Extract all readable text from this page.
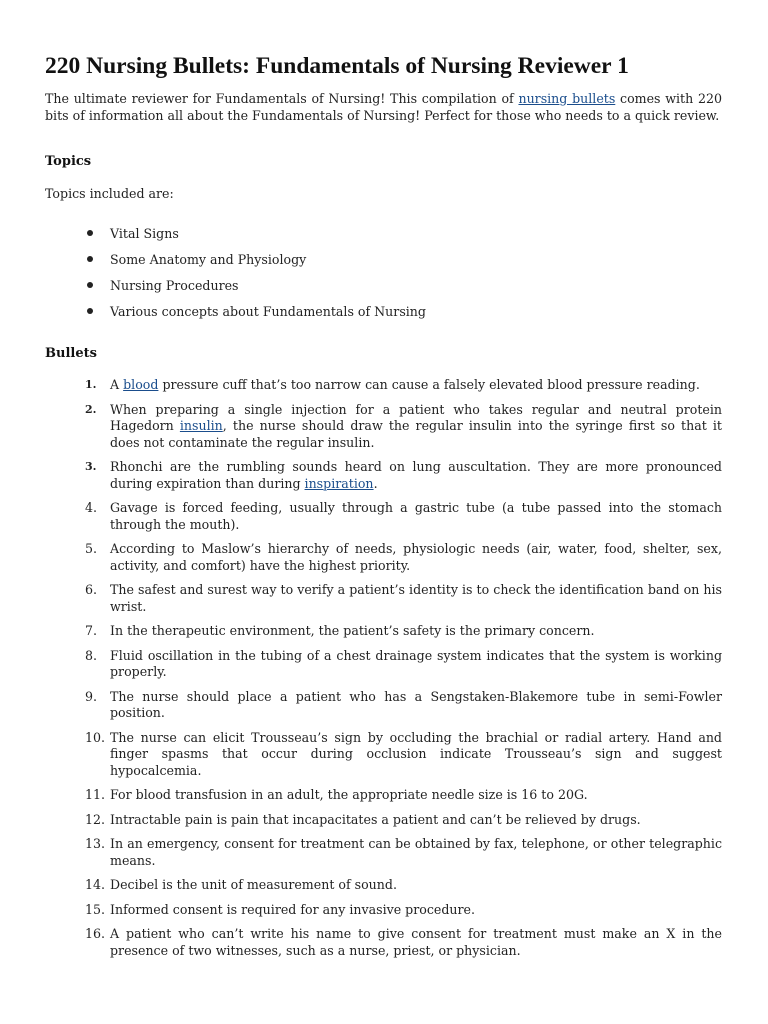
220 Nursing Bullets: Fundamentals of Nursing Reviewer 1

The ultimate reviewer for Fundamentals of Nursing! This compilation of nursing bullets comes with 220 bits of information all about the Fundamentals of Nursing! Perfect for those who needs to a quick review.

Topics

Topics included are:

Vital Signs
Some Anatomy and Physiology
Nursing Procedures
Various concepts about Fundamentals of Nursing
Bullets
1. A blood pressure cuff that’s too narrow can cause a falsely elevated blood pressure reading.
2. When preparing a single injection for a patient who takes regular and neutral protein Hagedorn insulin, the nurse should draw the regular insulin into the syringe first so that it does not contaminate the regular insulin.
3. Rhonchi are the rumbling sounds heard on lung auscultation. They are more pronounced during expiration than during inspiration.
4. Gavage is forced feeding, usually through a gastric tube (a tube passed into the stomach through the mouth).
5. According to Maslow’s hierarchy of needs, physiologic needs (air, water, food, shelter, sex, activity, and comfort) have the highest priority.
6. The safest and surest way to verify a patient’s identity is to check the identification band on his wrist.
7. In the therapeutic environment, the patient’s safety is the primary concern.
8. Fluid oscillation in the tubing of a chest drainage system indicates that the system is working properly.
9. The nurse should place a patient who has a Sengstaken-Blakemore tube in semi-Fowler position.
10. The nurse can elicit Trousseau’s sign by occluding the brachial or radial artery. Hand and finger spasms that occur during occlusion indicate Trousseau’s sign and suggest hypocalcemia.
11. For blood transfusion in an adult, the appropriate needle size is 16 to 20G.
12. Intractable pain is pain that incapacitates a patient and can’t be relieved by drugs.
13. In an emergency, consent for treatment can be obtained by fax, telephone, or other telegraphic means.
14. Decibel is the unit of measurement of sound.
15. Informed consent is required for any invasive procedure.
16. A patient who can’t write his name to give consent for treatment must make an X in the presence of two witnesses, such as a nurse, priest, or physician.
